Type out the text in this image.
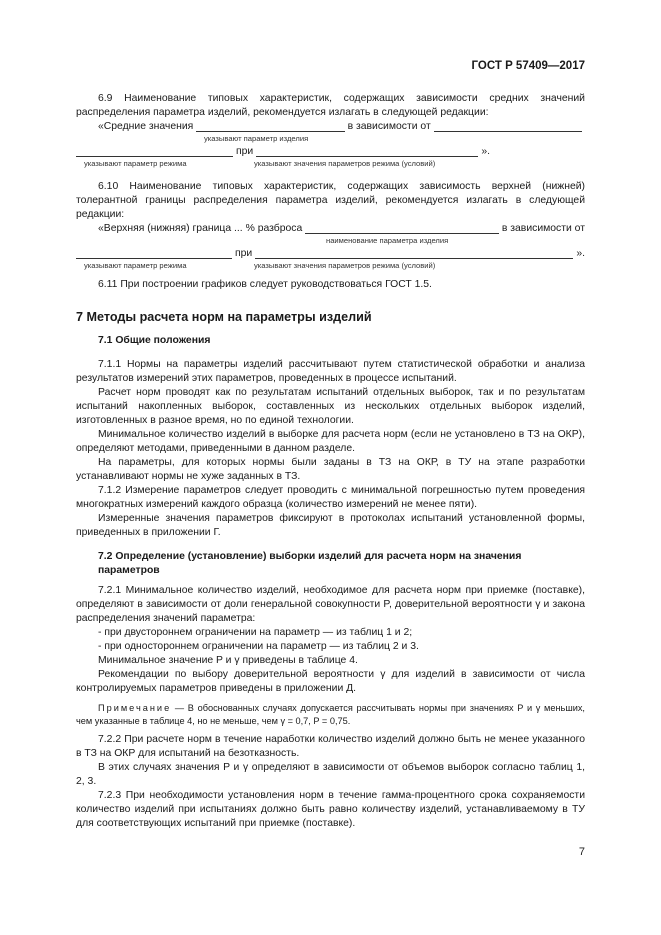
ГОСТ Р 57409—2017

6.9 Наименование типовых характеристик, содержащих зависимости средних значений распределения параметра изделий, рекомендуется излагать в следующей редакции:

«Средние значения	в зависимости от
указывают параметр изделия
при	».
указывают параметр режима	указывают значения параметров режима (условий)

6.10 Наименование типовых характеристик, содержащих зависимость верхней (нижней) толерантной границы распределения параметра изделий, рекомендуется излагать в следующей редакции:

«Верхняя (нижняя) граница ... % разброса	в зависимости от
наименование параметра изделия
при	».
указывают параметр режима	указывают значения параметров режима (условий)

6.11 При построении графиков следует руководствоваться ГОСТ 1.5.

7 Методы расчета норм на параметры изделий
7.1 Общие положения

7.1.1 Нормы на параметры изделий рассчитывают путем статистической обработки и анализа результатов измерений этих параметров, проведенных в процессе испытаний.

Расчет норм проводят как по результатам испытаний отдельных выборок, так и по результатам испытаний накопленных выборок, составленных из нескольких отдельных выборок изделий, изготовленных в разное время, но по единой технологии.

Минимальное количество изделий в выборке для расчета норм (если не установлено в ТЗ на ОКР), определяют методами, приведенными в данном разделе.

На параметры, для которых нормы были заданы в ТЗ на ОКР, в ТУ на этапе разработки устанавливают нормы не хуже заданных в ТЗ.

7.1.2 Измерение параметров следует проводить с минимальной погрешностью путем проведения многократных измерений каждого образца (количество измерений не менее пяти).

Измеренные значения параметров фиксируют в протоколах испытаний установленной формы, приведенных в приложении Г.

7.2 Определение (установление) выборки изделий для расчета норм на значения параметров

7.2.1 Минимальное количество изделий, необходимое для расчета норм при приемке (поставке), определяют в зависимости от доли генеральной совокупности P, доверительной вероятности γ и закона распределения значений параметра:

- при двустороннем ограничении на параметр — из таблиц 1 и 2;

- при одностороннем ограничении на параметр — из таблиц 2 и 3.

Минимальное значение P и γ приведены в таблице 4.

Рекомендации по выбору доверительной вероятности γ для изделий в зависимости от числа контролируемых параметров приведены в приложении Д.

Примечание — В обоснованных случаях допускается рассчитывать нормы при значениях P и γ меньших, чем указанные в таблице 4, но не меньше, чем γ = 0,7, P = 0,75.

7.2.2 При расчете норм в течение наработки количество изделий должно быть не менее указанного в ТЗ на ОКР для испытаний на безотказность.

В этих случаях значения P и γ определяют в зависимости от объемов выборок согласно таблиц 1, 2, 3.

7.2.3 При необходимости установления норм в течение гамма-процентного срока сохраняемости количество изделий при испытаниях должно быть равно количеству изделий, устанавливаемому в ТУ для соответствующих испытаний при приемке (поставке).

7
